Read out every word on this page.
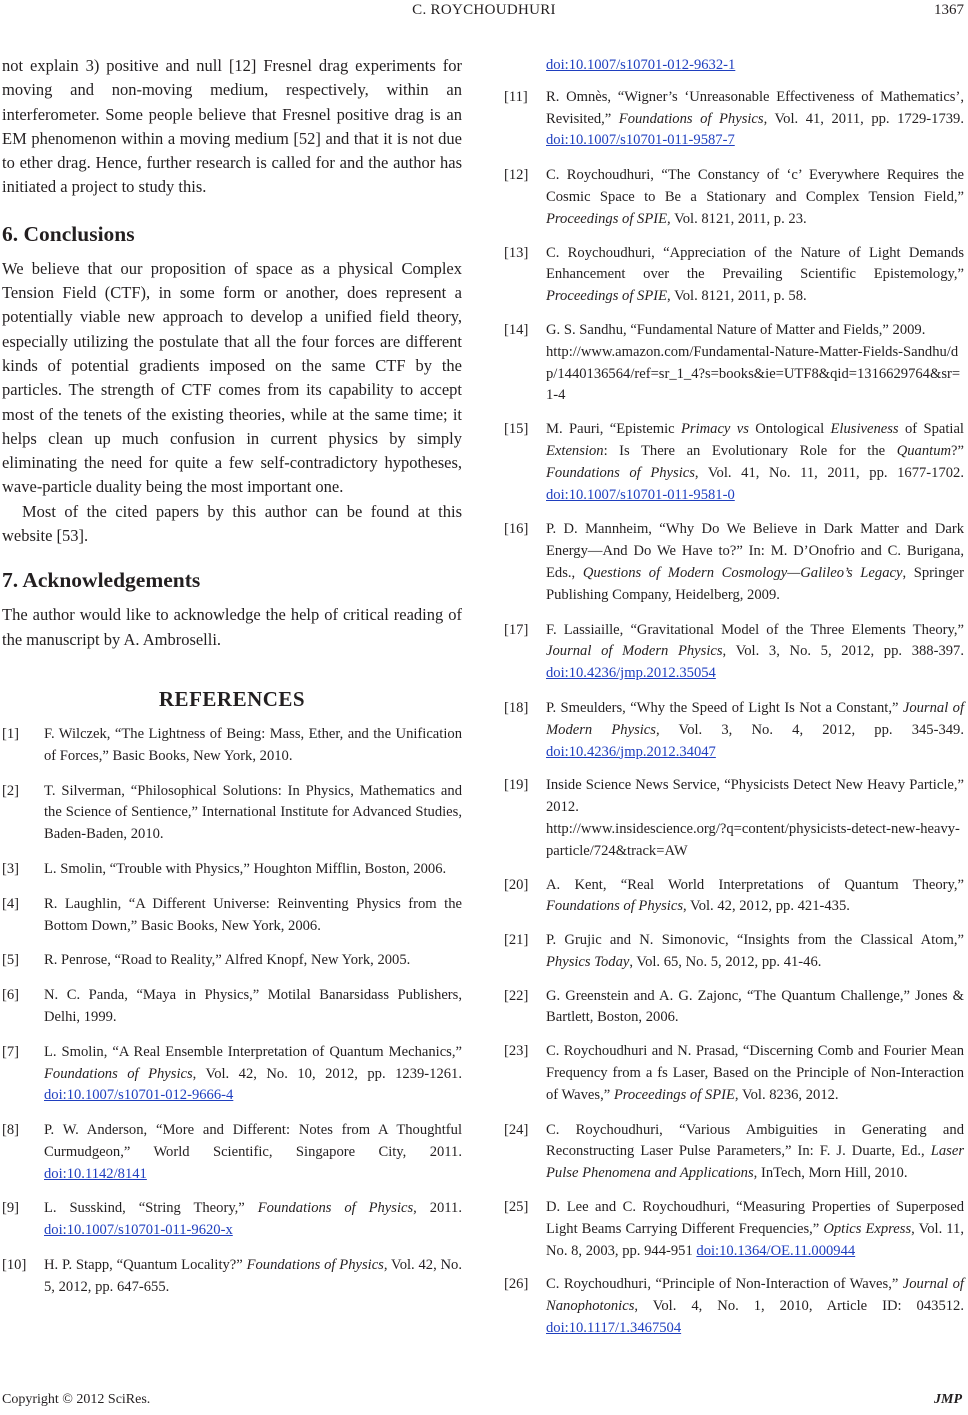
C. ROYCHOUDHURI	1367

not explain 3) positive and null [12] Fresnel drag experiments for moving and non-moving medium, respectively, within an interferometer. Some people believe that Fresnel positive drag is an EM phenomenon within a moving medium [52] and that it is not due to ether drag. Hence, further research is called for and the author has initiated a project to study this.

6. Conclusions

We believe that our proposition of space as a physical Complex Tension Field (CTF), in some form or another, does represent a potentially viable new approach to develop a unified field theory, especially utilizing the postulate that all the four forces are different kinds of potential gradients imposed on the same CTF by the particles. The strength of CTF comes from its capability to accept most of the tenets of the existing theories, while at the same time; it helps clean up much confusion in current physics by simply eliminating the need for quite a few self-contradictory hypotheses, wave-particle duality being the most important one.

Most of the cited papers by this author can be found at this website [53].

7. Acknowledgements

The author would like to acknowledge the help of critical reading of the manuscript by A. Ambroselli.

REFERENCES
[1]	F. Wilczek, “The Lightness of Being: Mass, Ether, and the Unification of Forces,” Basic Books, New York, 2010.
[2]	T. Silverman, “Philosophical Solutions: In Physics, Mathematics and the Science of Sentience,” International Institute for Advanced Studies, Baden-Baden, 2010.
[3]	L. Smolin, “Trouble with Physics,” Houghton Mifflin, Boston, 2006.
[4]	R. Laughlin, “A Different Universe: Reinventing Physics from the Bottom Down,” Basic Books, New York, 2006.
[5]	R. Penrose, “Road to Reality,” Alfred Knopf, New York, 2005.
[6]	N. C. Panda, “Maya in Physics,” Motilal Banarsidass Publishers, Delhi, 1999.
[7]	L. Smolin, “A Real Ensemble Interpretation of Quantum Mechanics,” Foundations of Physics, Vol. 42, No. 10, 2012, pp. 1239-1261. doi:10.1007/s10701-012-9666-4
[8]	P. W. Anderson, “More and Different: Notes from A Thoughtful Curmudgeon,” World Scientific, Singapore City, 2011. doi:10.1142/8141
[9]	L. Susskind, “String Theory,” Foundations of Physics, 2011. doi:10.1007/s10701-011-9620-x
[10]	H. P. Stapp, “Quantum Locality?” Foundations of Physics, Vol. 42, No. 5, 2012, pp. 647-655.
doi:10.1007/s10701-012-9632-1
[11]	R. Omnès, “Wigner’s ‘Unreasonable Effectiveness of Mathematics’, Revisited,” Foundations of Physics, Vol. 41, 2011, pp. 1729-1739. doi:10.1007/s10701-011-9587-7
[12]	C. Roychoudhuri, “The Constancy of ‘c’ Everywhere Requires the Cosmic Space to Be a Stationary and Complex Tension Field,” Proceedings of SPIE, Vol. 8121, 2011, p. 23.
[13]	C. Roychoudhuri, “Appreciation of the Nature of Light Demands Enhancement over the Prevailing Scientific Epistemology,” Proceedings of SPIE, Vol. 8121, 2011, p. 58.
[14]	G. S. Sandhu, “Fundamental Nature of Matter and Fields,” 2009.
http://www.amazon.com/Fundamental-Nature-Matter-Fields-Sandhu/dp/1440136564/ref=sr_1_4?s=books&ie=UTF8&qid=1316629764&sr=1-4
[15]	M. Pauri, “Epistemic Primacy vs Ontological Elusiveness of Spatial Extension: Is There an Evolutionary Role for the Quantum?” Foundations of Physics, Vol. 41, No. 11, 2011, pp. 1677-1702. doi:10.1007/s10701-011-9581-0
[16]	P. D. Mannheim, “Why Do We Believe in Dark Matter and Dark Energy—And Do We Have to?” In: M. D’Onofrio and C. Burigana, Eds., Questions of Modern Cosmology—Galileo’s Legacy, Springer Publishing Company, Heidelberg, 2009.
[17]	F. Lassiaille, “Gravitational Model of the Three Elements Theory,” Journal of Modern Physics, Vol. 3, No. 5, 2012, pp. 388-397. doi:10.4236/jmp.2012.35054
[18]	P. Smeulders, “Why the Speed of Light Is Not a Constant,” Journal of Modern Physics, Vol. 3, No. 4, 2012, pp. 345-349. doi:10.4236/jmp.2012.34047
[19]	Inside Science News Service, “Physicists Detect New Heavy Particle,” 2012.
http://www.insidescience.org/?q=content/physicists-detect-new-heavy-particle/724&track=AW
[20]	A. Kent, “Real World Interpretations of Quantum Theory,” Foundations of Physics, Vol. 42, 2012, pp. 421-435.
[21]	P. Grujic and N. Simonovic, “Insights from the Classical Atom,” Physics Today, Vol. 65, No. 5, 2012, pp. 41-46.
[22]	G. Greenstein and A. G. Zajonc, “The Quantum Challenge,” Jones & Bartlett, Boston, 2006.
[23]	C. Roychoudhuri and N. Prasad, “Discerning Comb and Fourier Mean Frequency from a fs Laser, Based on the Principle of Non-Interaction of Waves,” Proceedings of SPIE, Vol. 8236, 2012.
[24]	C. Roychoudhuri, “Various Ambiguities in Generating and Reconstructing Laser Pulse Parameters,” In: F. J. Duarte, Ed., Laser Pulse Phenomena and Applications, InTech, Morn Hill, 2010.
[25]	D. Lee and C. Roychoudhuri, “Measuring Properties of Superposed Light Beams Carrying Different Frequencies,” Optics Express, Vol. 11, No. 8, 2003, pp. 944-951 doi:10.1364/OE.11.000944
[26]	C. Roychoudhuri, “Principle of Non-Interaction of Waves,” Journal of Nanophotonics, Vol. 4, No. 1, 2010, Article ID: 043512. doi:10.1117/1.3467504
Copyright © 2012 SciRes.	JMP
